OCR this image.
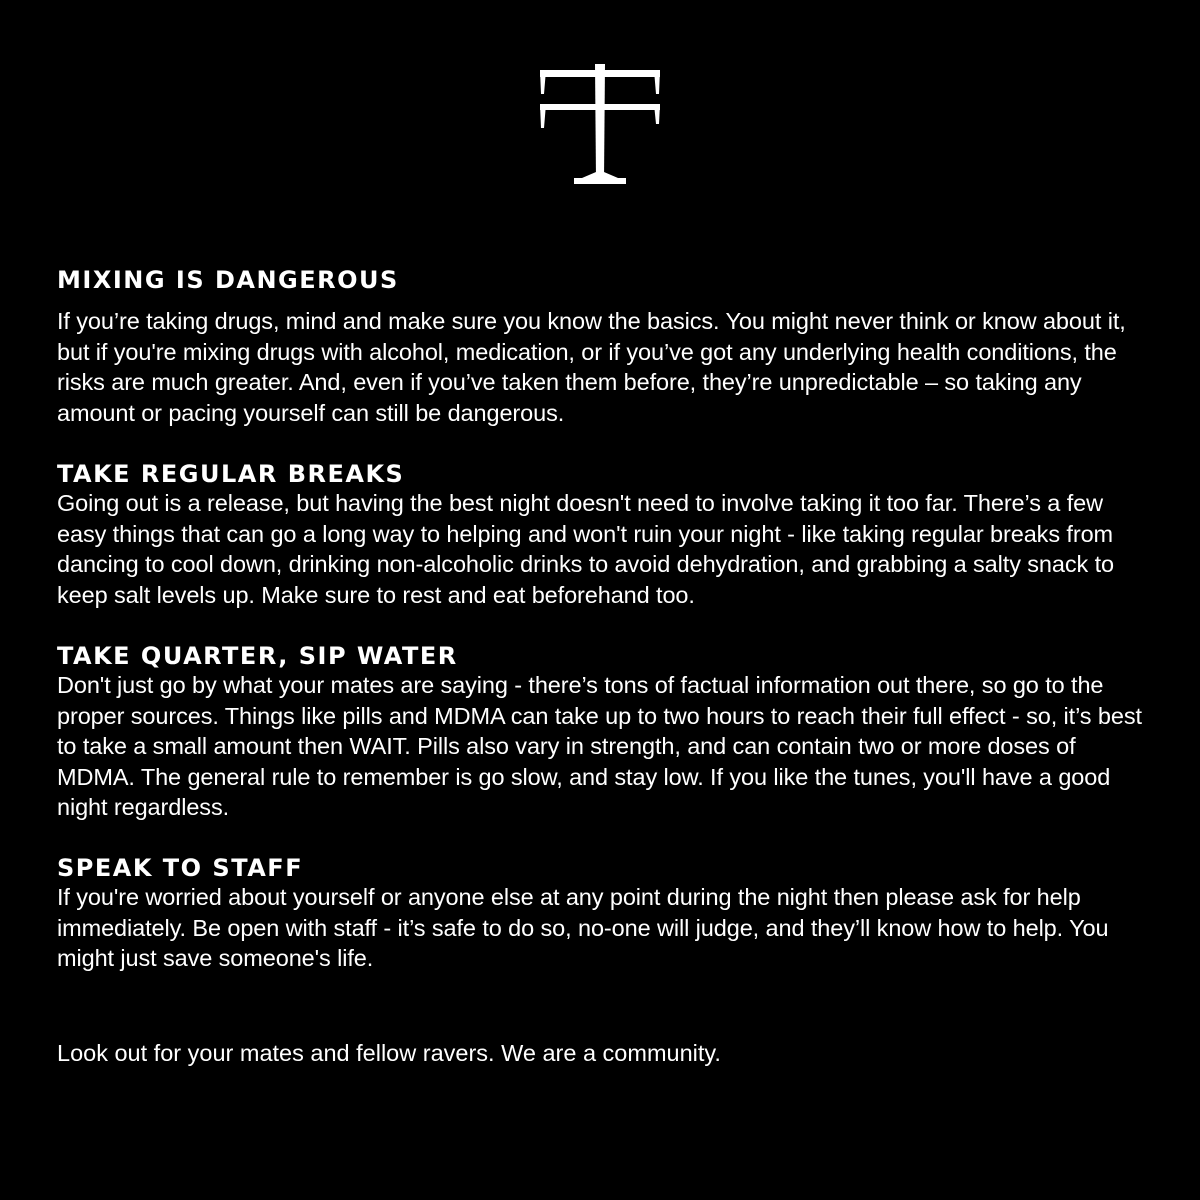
MIXING IS DANGEROUS

If you’re taking drugs, mind and make sure you know the basics. You might never think or know about it, but if you're mixing drugs with alcohol, medication, or if you’ve got any underlying health conditions, the risks are much greater. And, even if you’ve taken them before, they’re unpredictable – so taking any amount or pacing yourself can still be dangerous.

TAKE REGULAR BREAKS

Going out is a release, but having the best night doesn't need to involve taking it too far. There’s a few easy things that can go a long way to helping and won't ruin your night - like taking regular breaks from dancing to cool down, drinking non-alcoholic drinks to avoid dehydration, and grabbing a salty snack to keep salt levels up. Make sure to rest and eat beforehand too.

TAKE QUARTER, SIP WATER

Don't just go by what your mates are saying - there’s tons of factual information out there, so go to the proper sources. Things like pills and MDMA can take up to two hours to reach their full effect - so, it’s best to take a small amount then WAIT. Pills also vary in strength, and can contain two or more doses of MDMA. The general rule to remember is go slow, and stay low. If you like the tunes, you'll have a good night regardless.

SPEAK TO STAFF

If you're worried about yourself or anyone else at any point during the night then please ask for help immediately. Be open with staff - it’s safe to do so, no-one will judge, and they’ll know how to help. You might just save someone's life.

Look out for your mates and fellow ravers. We are a community.
